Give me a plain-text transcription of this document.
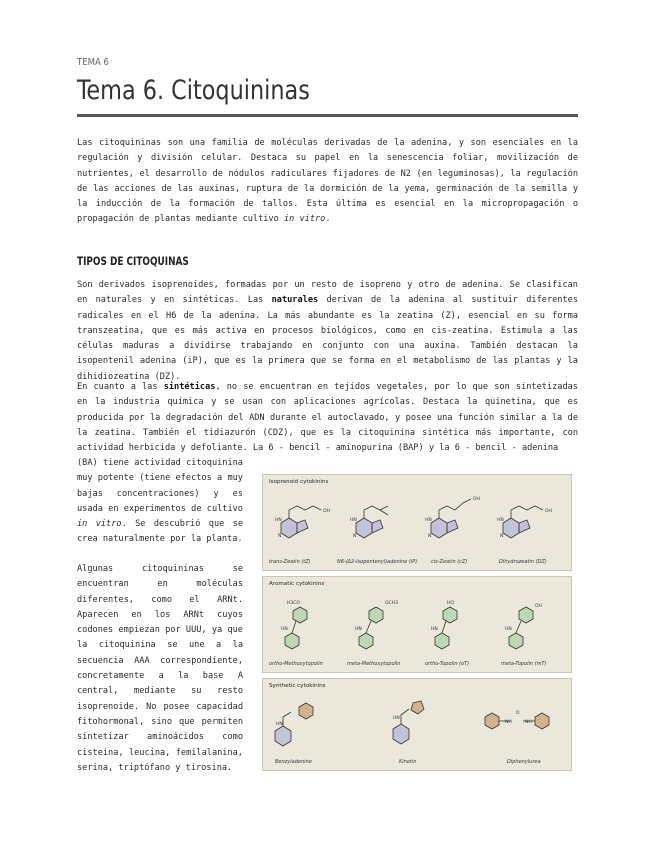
TEMA 6
Tema 6. Citoquininas

Las citoquininas son una familia de moléculas derivadas de la adenina, y son esenciales en la regulación y división celular. Destaca su papel en la senescencia foliar, movilización de nutrientes, el desarrollo de nódulos radiculares fijadores de N2 (en leguminosas), la regulación de las acciones de las auxinas, ruptura de la dormición de la yema, germinación de la semilla y la inducción de la formación de tallos. Esta última es esencial en la micropropagación o propagación de plantas mediante cultivo in vitro.

TIPOS DE CITOQUINAS

Son derivados isoprenoides, formadas por un resto de isopreno y otro de adenina. Se clasifican en naturales y en sintéticas. Las naturales derivan de la adenina al sustituir diferentes radicales en el H6 de la adenina. La más abundante es la zeatina (Z), esencial en su forma transzeatina, que es más activa en procesos biológicos, como en cis-zeatina. Estimula a las células maduras a dividirse trabajando en conjunto con una auxina. También destacan la isopentenil adenina (iP), que es la primera que se forma en el metabolismo de las plantas y la dihidiozeatina (DZ).

En cuanto a las sintéticas, no se encuentran en tejidos vegetales, por lo que son sintetizadas en la industria química y se usan con aplicaciones agrícolas. Destaca la quinetina, que es producida por la degradación del ADN durante el autoclavado, y posee una función similar a la de la zeatina. También el tidiazurón (CDZ), que es la citoquinina sintética más importante, con actividad herbicida y defoliante. La 6 - bencil - aminopurina (BAP) y la 6 - bencil - adenina

(BA) tiene actividad citoquinina
muy potente (tiene efectos a muy
bajas concentraciones) y es
usada en experimentos de cultivo
in vitro. Se descubrió que se
crea naturalmente por la planta.
Algunas citoquininas se
encuentran en moléculas
diferentes, como el ARNt.
Aparecen en los ARNt cuyos
codones empiezan por UUU, ya que
la citoquinina se une a la
secuencia AAA correspondiente,
concretamente a la base A
central, mediante su resto
isoprenoide. No posee capacidad
fitohormonal, sino que permiten
sintetizar aminoácidos como
cisteina, leucina, femilalanina,
serina, triptófano y tirosina.
Isoprenoid cytokinins
OH
OH
OH
HN	HN	HN	HN
N	N	N	N
trans-Zeatin (tZ)	N6-(Δ2-Isopentenyl)adenine (iP)	cis-Zeatin (cZ)	Dihydrozeatin (DZ)
Aromatic cytokinins
H3CO	OCH3	HO
OH
HN	HN	HN	HN
ortho-Methoxytopolin	meta-Methoxytopolin	ortho-Topolin (oT)	meta-Topolin (mT)
Synthetic cytokinins
HN
HN
NH	NH
O
Benzyladenine	Kinetin	Diphenylurea
